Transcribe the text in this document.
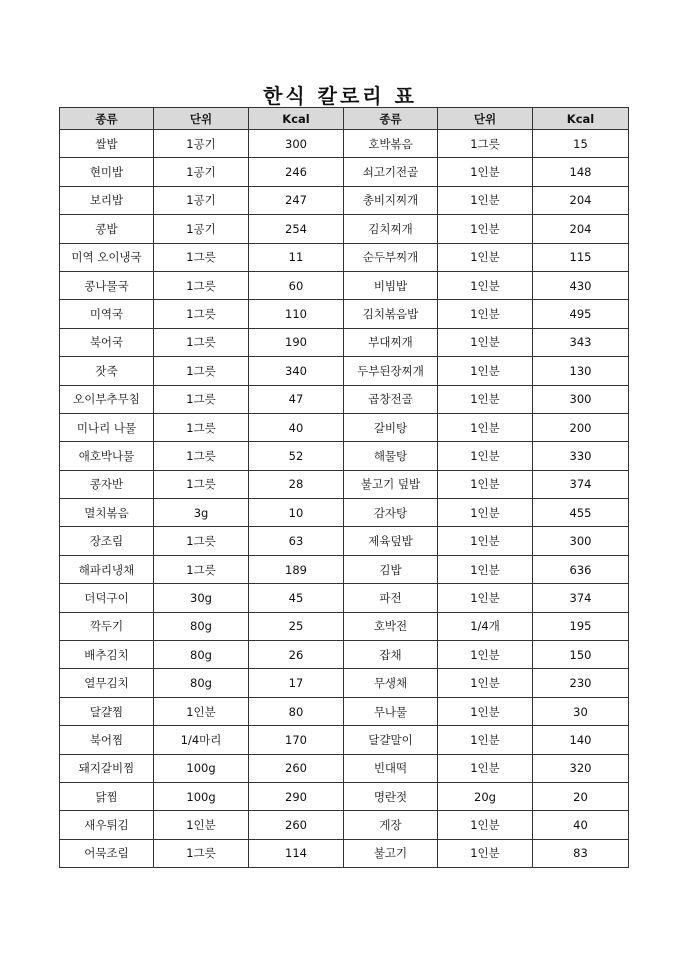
한식 칼로리 표
종류	단위	Kcal	종류	단위	Kcal
쌀밥	1공기	300	호박볶음	1그릇	15
현미밥	1공기	246	쇠고기전골	1인분	148
보리밥	1공기	247	총비지찌개	1인분	204
콩밥	1공기	254	김치찌개	1인분	204
미역 오이냉국	1그릇	11	순두부찌개	1인분	115
콩나물국	1그릇	60	비빔밥	1인분	430
미역국	1그릇	110	김치볶음밥	1인분	495
북어국	1그릇	190	부대찌개	1인분	343
잣죽	1그릇	340	두부된장찌개	1인분	130
오이부추무침	1그릇	47	곱창전골	1인분	300
미나리 나물	1그릇	40	갈비탕	1인분	200
애호박나물	1그릇	52	해물탕	1인분	330
콩자반	1그릇	28	불고기 덮밥	1인분	374
멸치볶음	3g	10	감자탕	1인분	455
장조림	1그릇	63	제육덮밥	1인분	300
해파리냉채	1그릇	189	김밥	1인분	636
더덕구이	30g	45	파전	1인분	374
깍두기	80g	25	호박전	1/4개	195
배추김치	80g	26	잡채	1인분	150
열무김치	80g	17	무생채	1인분	230
달걀찜	1인분	80	무나물	1인분	30
북어찜	1/4마리	170	달걀말이	1인분	140
돼지갈비찜	100g	260	빈대떡	1인분	320
닭찜	100g	290	명란젓	20g	20
새우튀김	1인분	260	게장	1인분	40
어묵조림	1그릇	114	불고기	1인분	83
